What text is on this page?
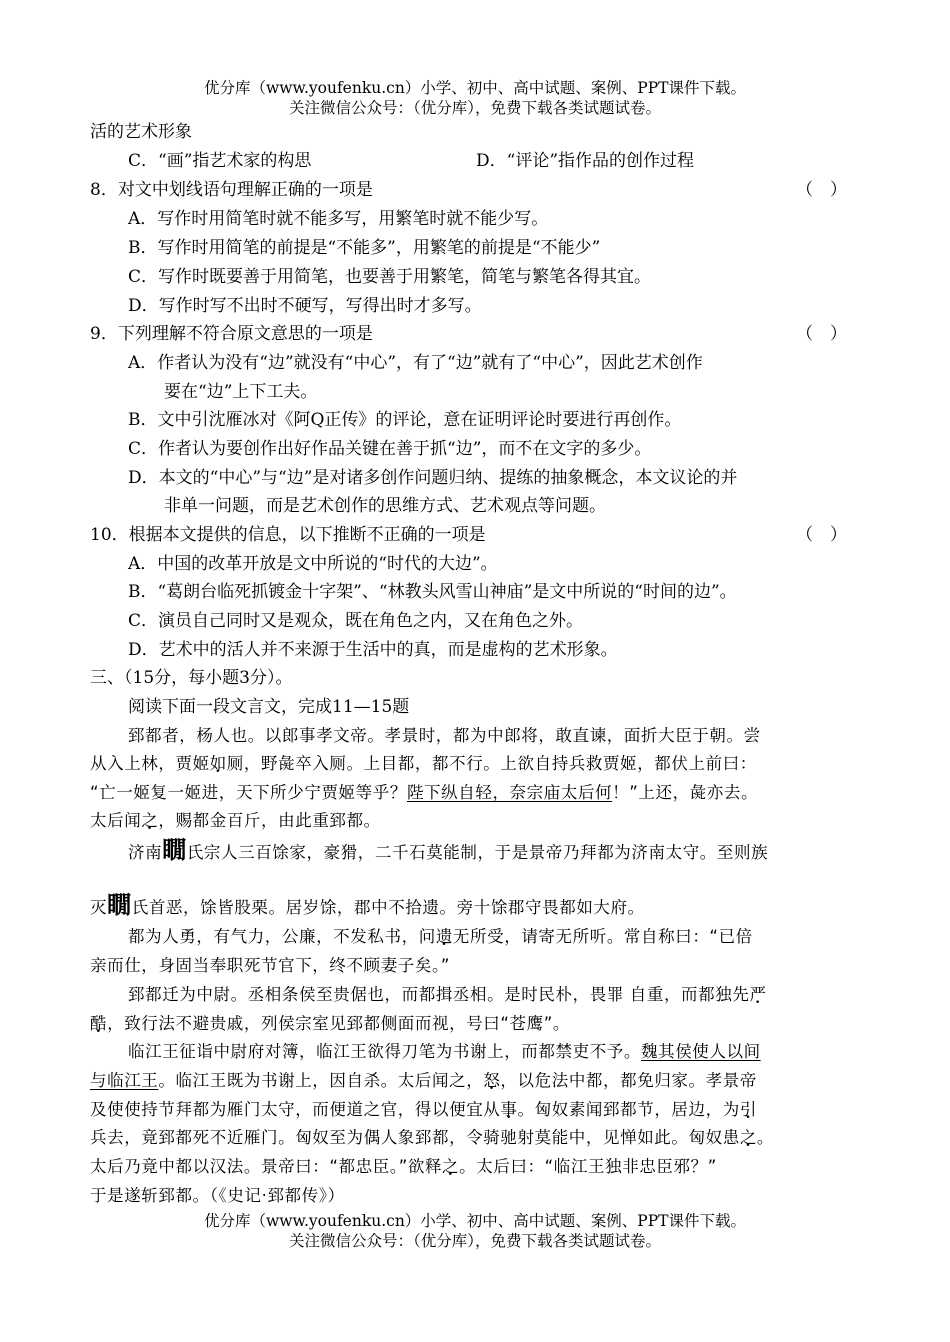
优分库（www.youfenku.cn）小学、初中、高中试题、案例、PPT课件下载。
关注微信公众号：（优分库），免费下载各类试题试卷。
活的艺术形象
C．“画”指艺术家的构思	D．“评论”指作品的创作过程
8．对文中划线语句理解正确的一项是	（　）
A．写作时用简笔时就不能多写，用繁笔时就不能少写。
B．写作时用简笔的前提是“不能多”，用繁笔的前提是“不能少”
C．写作时既要善于用简笔，也要善于用繁笔，简笔与繁笔各得其宜。
D．写作时写不出时不硬写，写得出时才多写。
9．下列理解不符合原文意思的一项是	（　）
A．作者认为没有“边”就没有“中心”，有了“边”就有了“中心”，因此艺术创作
要在“边”上下工夫。
B．文中引沈雁冰对《阿Q正传》的评论，意在证明评论时要进行再创作。
C．作者认为要创作出好作品关键在善于抓“边”，而不在文字的多少。
D．本文的“中心”与“边”是对诸多创作问题归纳、提练的抽象概念，本文议论的并
非单一问题，而是艺术创作的思维方式、艺术观点等问题。
10．根据本文提供的信息，以下推断不正确的一项是	（　）
A．中国的改革开放是文中所说的“时代的大边”。
B．“葛朗台临死抓镀金十字架”、“林教头风雪山神庙”是文中所说的“时间的边”。
C．演员自己同时又是观众，既在角色之内，又在角色之外。
D．艺术中的活人并不来源于生活中的真，而是虚构的艺术形象。
三、（15分，每小题3分）。
阅读下面一段文言文，完成11—15题
郅都者，杨人也。以郎事孝文帝。孝景时，都为中郎将，敢直谏，面折大臣于朝。尝
从入上林，贾姬如厕，野彘卒入厕。上目都，都不行。上欲自持兵救贾姬，都伏上前曰：
“亡一姬复一姬进，天下所少宁贾姬等乎？陛下纵自轻，奈宗庙太后何！”上还，彘亦去。
太后闻之，赐都金百斤，由此重郅都。
济南瞯氏宗人三百馀家，豪猾，二千石莫能制，于是景帝乃拜都为济南太守。至则族
灭瞯氏首恶，馀皆股栗。居岁馀，郡中不拾遗。旁十馀郡守畏都如大府。
都为人勇，有气力，公廉，不发私书，问遗无所受，请寄无所听。常自称曰：“已倍
亲而仕，身固当奉职死节官下，终不顾妻子矣。”
郅都迁为中尉。丞相条侯至贵倨也，而都揖丞相。是时民朴，畏罪 自重，而都独先严
酷，致行法不避贵戚，列侯宗室见郅都侧面而视，号曰“苍鹰”。
临江王征诣中尉府对簿，临江王欲得刀笔为书谢上，而都禁吏不予。魏其侯使人以间
与临江王。临江王既为书谢上，因自杀。太后闻之，怒，以危法中都，都免归家。孝景帝
及使使持节拜都为雁门太守，而便道之官，得以便宜从事。匈奴素闻郅都节，居边，为引
兵去，竟郅都死不近雁门。匈奴至为偶人象郅都，令骑驰射莫能中，见惮如此。匈奴患之。
太后乃竟中都以汉法。景帝曰：“都忠臣。”欲释之。太后曰：“临江王独非忠臣邪？”
于是遂斩郅都。（《史记·郅都传》）
优分库（www.youfenku.cn）小学、初中、高中试题、案例、PPT课件下载。
关注微信公众号：（优分库），免费下载各类试题试卷。
